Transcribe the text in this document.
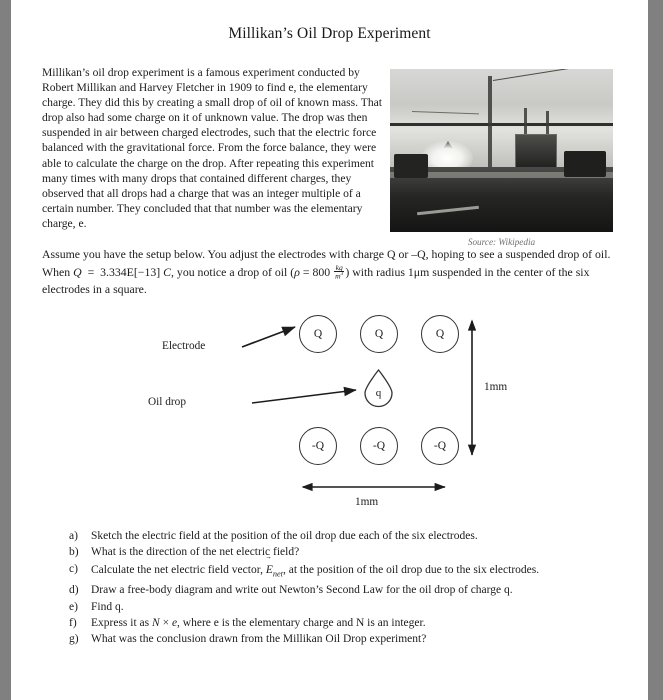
Millikan’s Oil Drop Experiment
Millikan’s oil drop experiment is a famous experiment conducted by Robert Millikan and Harvey Fletcher in 1909 to find e, the elementary charge. They did this by creating a small drop of oil of known mass. That drop also had some charge on it of unknown value. The drop was then suspended in air between charged electrodes, such that the electric force balanced with the gravitational force. From the force balance, they were able to calculate the charge on the drop. After repeating this experiment many times with many drops that contained different charges, they observed that all drops had a charge that was an integer multiple of a certain number. They concluded that that number was the elementary charge, e.
Source: Wikipedia
Assume you have the setup below. You adjust the electrodes with charge Q or –Q, hoping to see a suspended drop of oil. When Q = 3.334E[−13] C, you notice a drop of oil ($\rho = 800 \frac{kg}{m^3}$ ) with radius 1μm suspended in the center of the six electrodes in a square.
Q	Q	Q
-Q	-Q	-Q
q
Electrode
Oil drop
1mm
1mm
a)	Sketch the electric field at the position of the oil drop due each of the six electrodes.
b)	What is the direction of the net electric field?
c)	Calculate the net electric field vector, → $E_{net}$, at the position of the oil drop due to the six electrodes.
d)	Draw a free-body diagram and write out Newton’s Second Law for the oil drop of charge q.
e)	Find q.
f)	Express it as N × e, where e is the elementary charge and N is an integer.
g)	What was the conclusion drawn from the Millikan Oil Drop experiment?
